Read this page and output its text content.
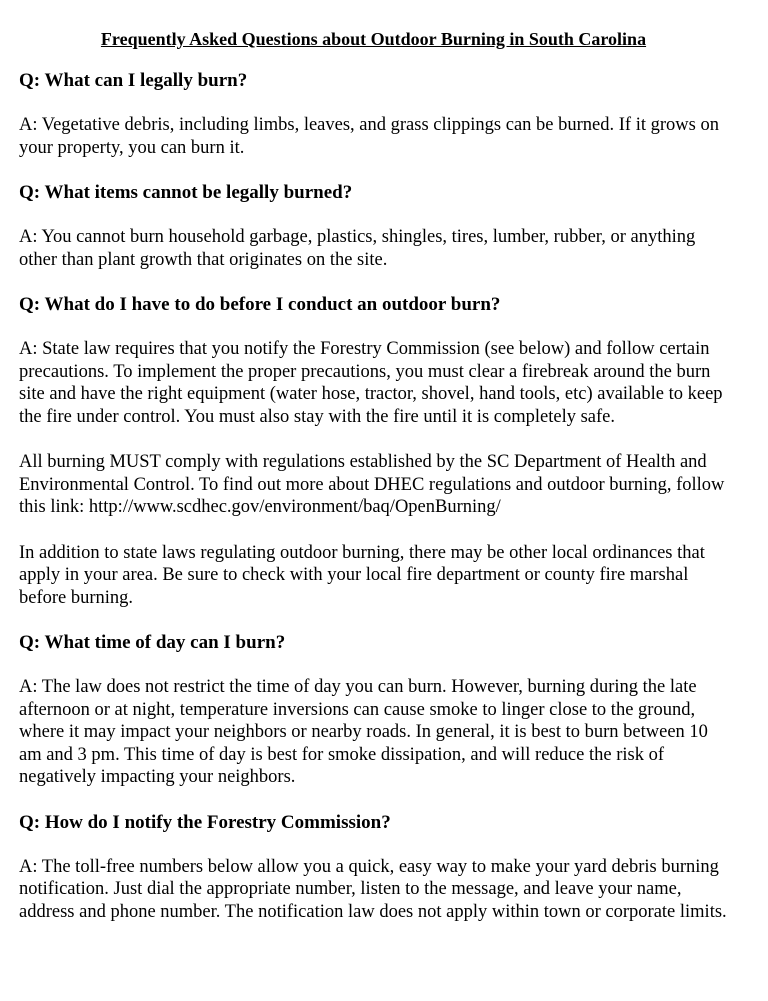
Frequently Asked Questions about Outdoor Burning in South Carolina

Q: What can I legally burn?

A: Vegetative debris, including limbs, leaves, and grass clippings can be burned. If it grows on your property, you can burn it.

Q: What items cannot be legally burned?

A: You cannot burn household garbage, plastics, shingles, tires, lumber, rubber, or anything other than plant growth that originates on the site.

Q: What do I have to do before I conduct an outdoor burn?

A: State law requires that you notify the Forestry Commission (see below) and follow certain precautions. To implement the proper precautions, you must clear a firebreak around the burn site and have the right equipment (water hose, tractor, shovel, hand tools, etc) available to keep the fire under control. You must also stay with the fire until it is completely safe.

All burning MUST comply with regulations established by the SC Department of Health and Environmental Control. To find out more about DHEC regulations and outdoor burning, follow this link: http://www.scdhec.gov/environment/baq/OpenBurning/

In addition to state laws regulating outdoor burning, there may be other local ordinances that apply in your area. Be sure to check with your local fire department or county fire marshal before burning.

Q: What time of day can I burn?

A: The law does not restrict the time of day you can burn. However, burning during the late afternoon or at night, temperature inversions can cause smoke to linger close to the ground, where it may impact your neighbors or nearby roads. In general, it is best to burn between 10 am and 3 pm. This time of day is best for smoke dissipation, and will reduce the risk of negatively impacting your neighbors.

Q: How do I notify the Forestry Commission?

A: The toll-free numbers below allow you a quick, easy way to make your yard debris burning notification. Just dial the appropriate number, listen to the message, and leave your name, address and phone number. The notification law does not apply within town or corporate limits.
